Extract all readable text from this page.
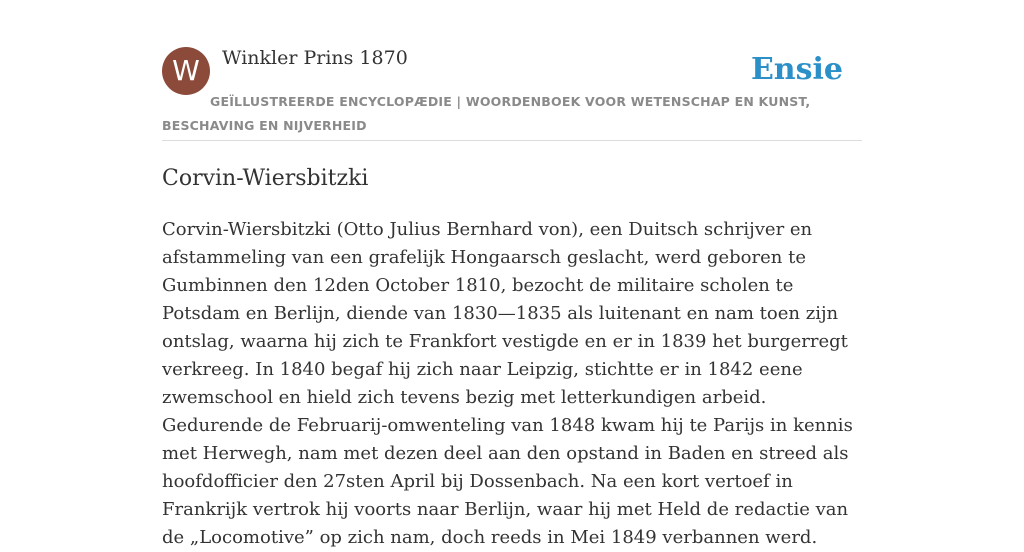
W	Winkler Prins 1870	Ensie
GEÏLLUSTREERDE ENCYCLOPÆDIE | WOORDENBOEK VOOR WETENSCHAP EN KUNST, BESCHAVING EN NIJVERHEID
Corvin-Wiersbitzki

Corvin-Wiersbitzki (Otto Julius Bernhard von), een Duitsch schrijver en afstammeling van een grafelijk Hongaarsch geslacht, werd geboren te Gumbinnen den 12den October 1810, bezocht de militaire scholen te Potsdam en Berlijn, diende van 1830—1835 als luitenant en nam toen zijn ontslag, waarna hij zich te Frankfort vestigde en er in 1839 het burgerregt verkreeg. In 1840 begaf hij zich naar Leipzig, stichtte er in 1842 eene zwemschool en hield zich tevens bezig met letterkundigen arbeid. Gedurende de Februarij-omwenteling van 1848 kwam hij te Parijs in kennis met Herwegh, nam met dezen deel aan den opstand in Baden en streed als hoofdofficier den 27sten April bij Dossenbach. Na een kort vertoef in Frankrijk vertrok hij voorts naar Berlijn, waar hij met Held de redactie van de „Locomotive” op zich nam, doch reeds in Mei 1849 verbannen werd.
